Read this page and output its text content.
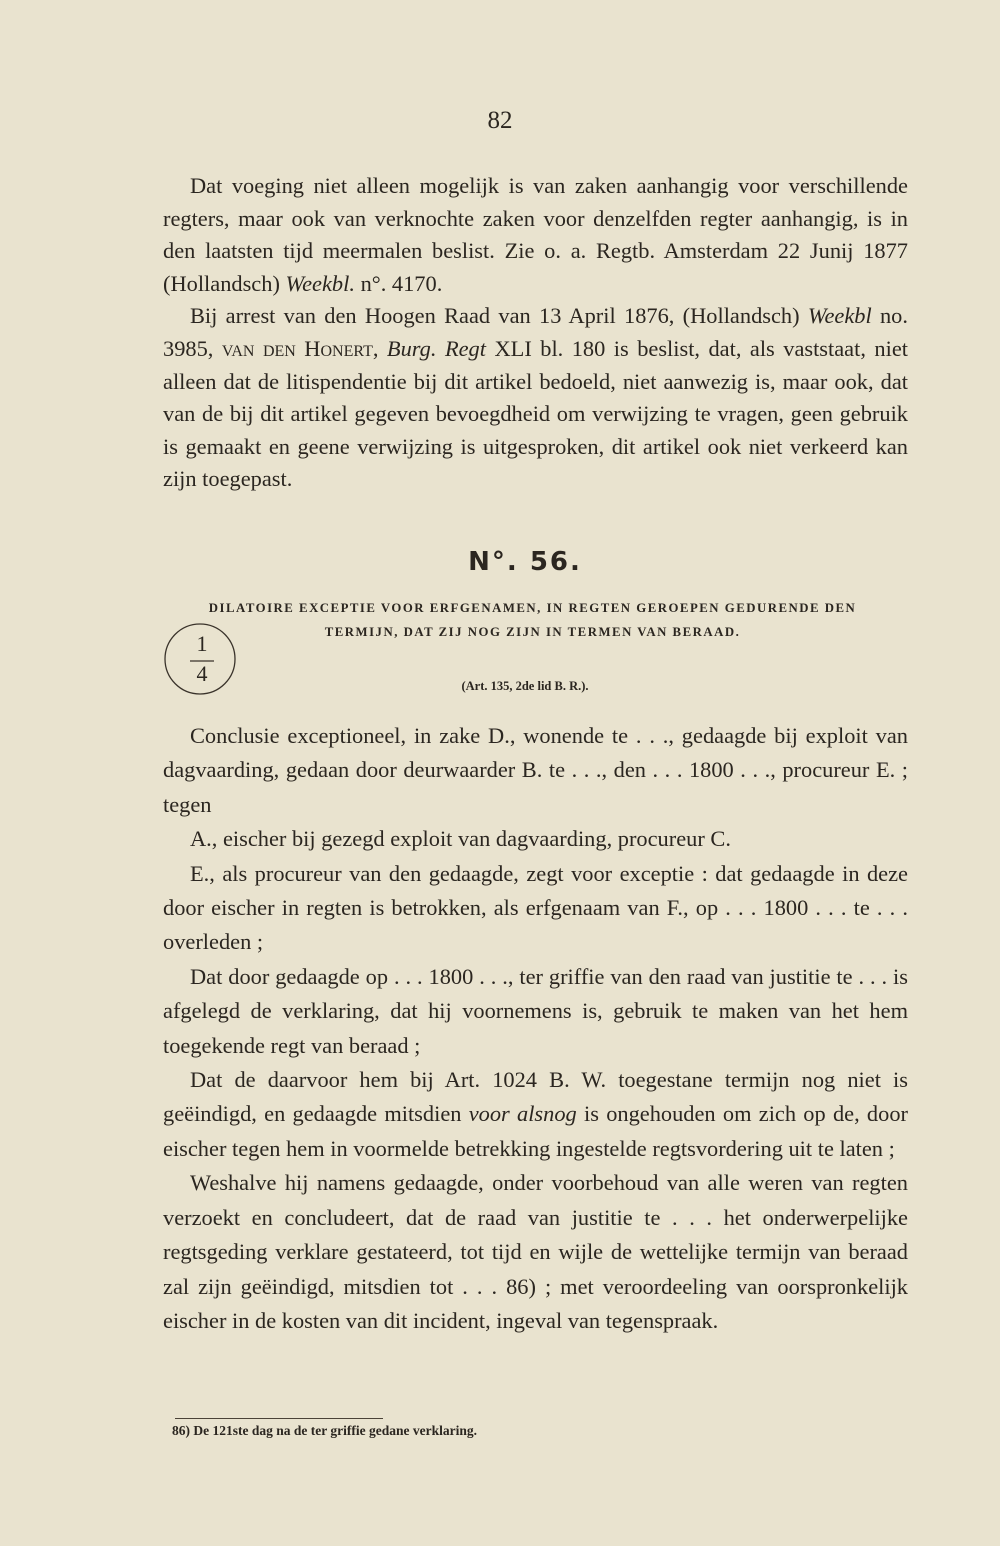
82

Dat voeging niet alleen mogelijk is van zaken aanhangig voor verschillende regters, maar ook van verknochte zaken voor denzelfden regter aanhangig, is in den laatsten tijd meermalen beslist. Zie o. a. Regtb. Amsterdam 22 Junij 1877 (Hollandsch) Weekbl. n°. 4170.

Bij arrest van den Hoogen Raad van 13 April 1876, (Hollandsch) Weekbl no. 3985, van den Honert, Burg. Regt XLI bl. 180 is beslist, dat, als vaststaat, niet alleen dat de litispendentie bij dit artikel bedoeld, niet aanwezig is, maar ook, dat van de bij dit artikel gegeven bevoegdheid om verwijzing te vragen, geen gebruik is gemaakt en geene verwijzing is uitgesproken, dit artikel ook niet verkeerd kan zijn toegepast.

N°. 56.
DILATOIRE EXCEPTIE VOOR ERFGENAMEN, IN REGTEN GEROEPEN GEDURENDE DEN TERMIJN, DAT ZIJ NOG ZIJN IN TERMEN VAN BERAAD.
1
4	(Art. 135, 2de lid B. R.).

Conclusie exceptioneel, in zake D., wonende te . . ., gedaagde bij exploit van dagvaarding, gedaan door deurwaarder B. te . . ., den . . . 1800 . . ., procureur E. ; tegen

A., eischer bij gezegd exploit van dagvaarding, procureur C.

E., als procureur van den gedaagde, zegt voor exceptie : dat gedaagde in deze door eischer in regten is betrokken, als erfgenaam van F., op . . . 1800 . . . te . . . overleden ;

Dat door gedaagde op . . . 1800 . . ., ter griffie van den raad van justitie te . . . is afgelegd de verklaring, dat hij voornemens is, gebruik te maken van het hem toegekende regt van beraad ;

Dat de daarvoor hem bij Art. 1024 B. W. toegestane termijn nog niet is geëindigd, en gedaagde mitsdien voor alsnog is ongehouden om zich op de, door eischer tegen hem in voormelde betrekking ingestelde regtsvordering uit te laten ;

Weshalve hij namens gedaagde, onder voorbehoud van alle weren van regten verzoekt en concludeert, dat de raad van justitie te . . . het onderwerpelijke regtsgeding verklare gestateerd, tot tijd en wijle de wettelijke termijn van beraad zal zijn geëindigd, mitsdien tot . . . 86) ; met veroordeeling van oorspronkelijk eischer in de kosten van dit incident, ingeval van tegenspraak.

86) De 121ste dag na de ter griffie gedane verklaring.
